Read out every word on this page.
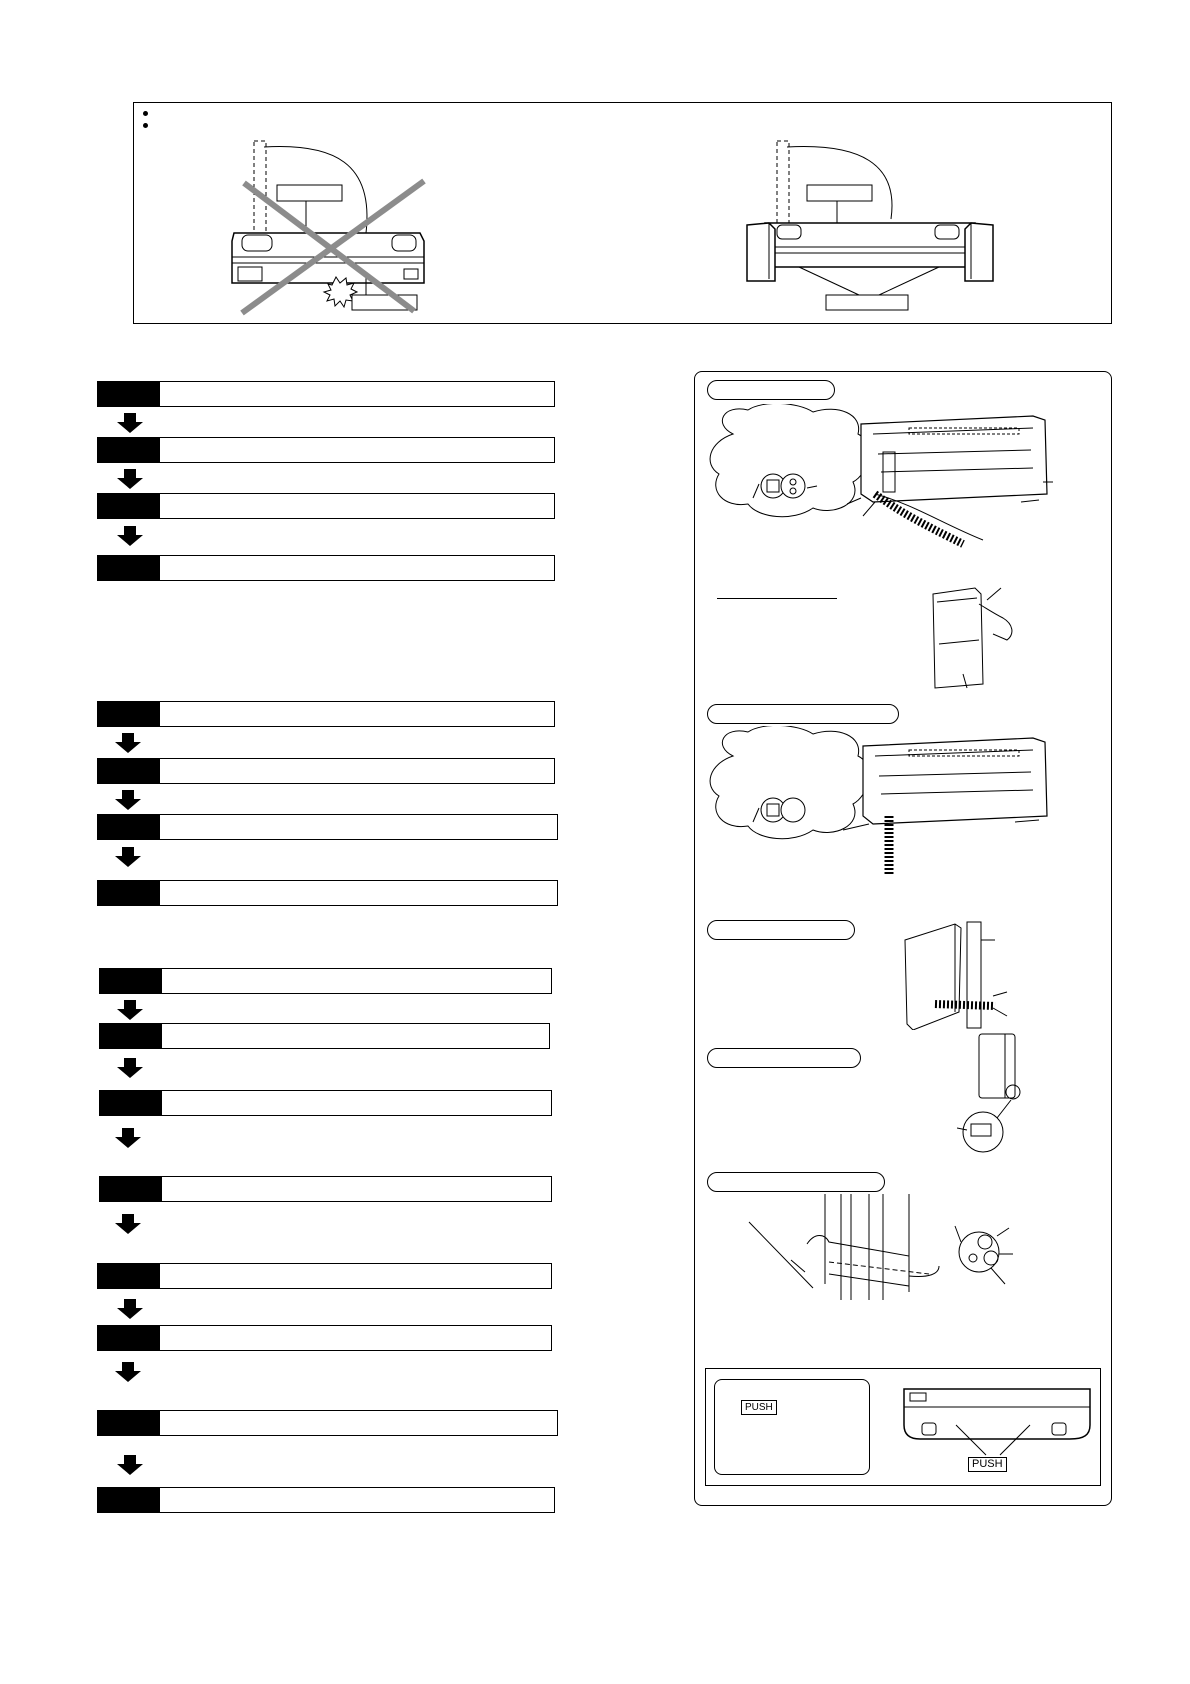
PUSH
PUSH
